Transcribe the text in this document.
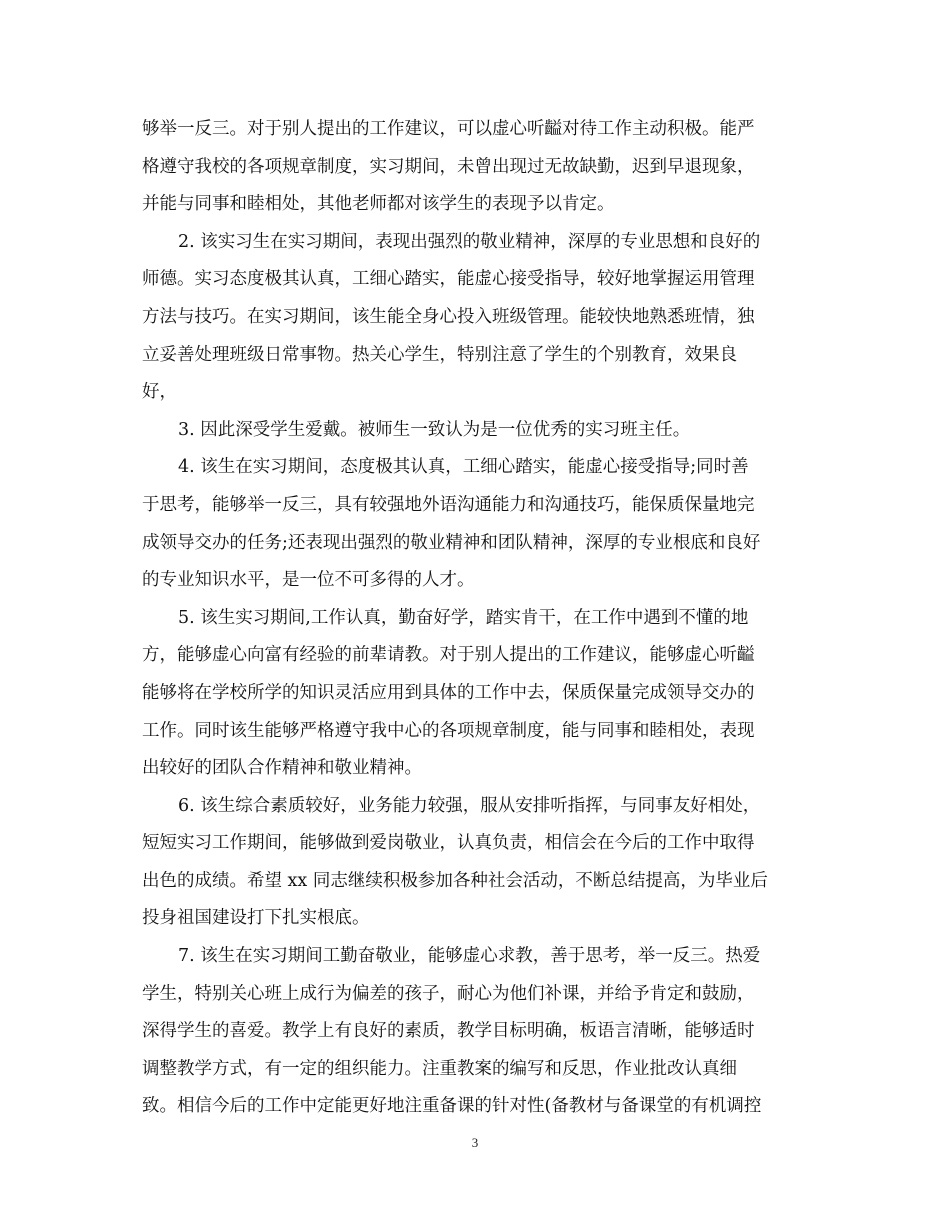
够举一反三。对于别人提出的工作建议，可以虚心听齸对待工作主动积极。能严
格遵守我校的各项规章制度，实习期间，未曾出现过无故缺勤，迟到早退现象，
并能与同事和睦相处，其他老师都对该学生的表现予以肯定。

2. 该实习生在实习期间，表现出强烈的敬业精神，深厚的专业思想和良好的
师德。实习态度极其认真，工细心踏实，能虚心接受指导，较好地掌握运用管理
方法与技巧。在实习期间，该生能全身心投入班级管理。能较快地熟悉班情，独
立妥善处理班级日常事物。热关心学生，特别注意了学生的个别教育，效果良
好，

3. 因此深受学生爱戴。被师生一致认为是一位优秀的实习班主任。

4. 该生在实习期间，态度极其认真，工细心踏实，能虚心接受指导;同时善
于思考，能够举一反三，具有较强地外语沟通能力和沟通技巧，能保质保量地完
成领导交办的任务;还表现出强烈的敬业精神和团队精神，深厚的专业根底和良好
的专业知识水平，是一位不可多得的人才。

5. 该生实习期间,工作认真，勤奋好学，踏实肯干，在工作中遇到不懂的地
方，能够虚心向富有经验的前辈请教。对于别人提出的工作建议，能够虚心听齸
能够将在学校所学的知识灵活应用到具体的工作中去，保质保量完成领导交办的
工作。同时该生能够严格遵守我中心的各项规章制度，能与同事和睦相处，表现
出较好的团队合作精神和敬业精神。

6. 该生综合素质较好，业务能力较强，服从安排听指挥，与同事友好相处，
短短实习工作期间，能够做到爱岗敬业，认真负责，相信会在今后的工作中取得
出色的成绩。希望 xx 同志继续积极参加各种社会活动，不断总结提高，为毕业后
投身祖国建设打下扎实根底。

7. 该生在实习期间工勤奋敬业，能够虚心求教，善于思考，举一反三。热爱
学生，特别关心班上成行为偏差的孩子，耐心为他们补课，并给予肯定和鼓励，
深得学生的喜爱。教学上有良好的素质，教学目标明确，板语言清晰，能够适时
调整教学方式，有一定的组织能力。注重教案的编写和反思，作业批改认真细
致。相信今后的工作中定能更好地注重备课的针对性(备教材与备课堂的有机调控

3
